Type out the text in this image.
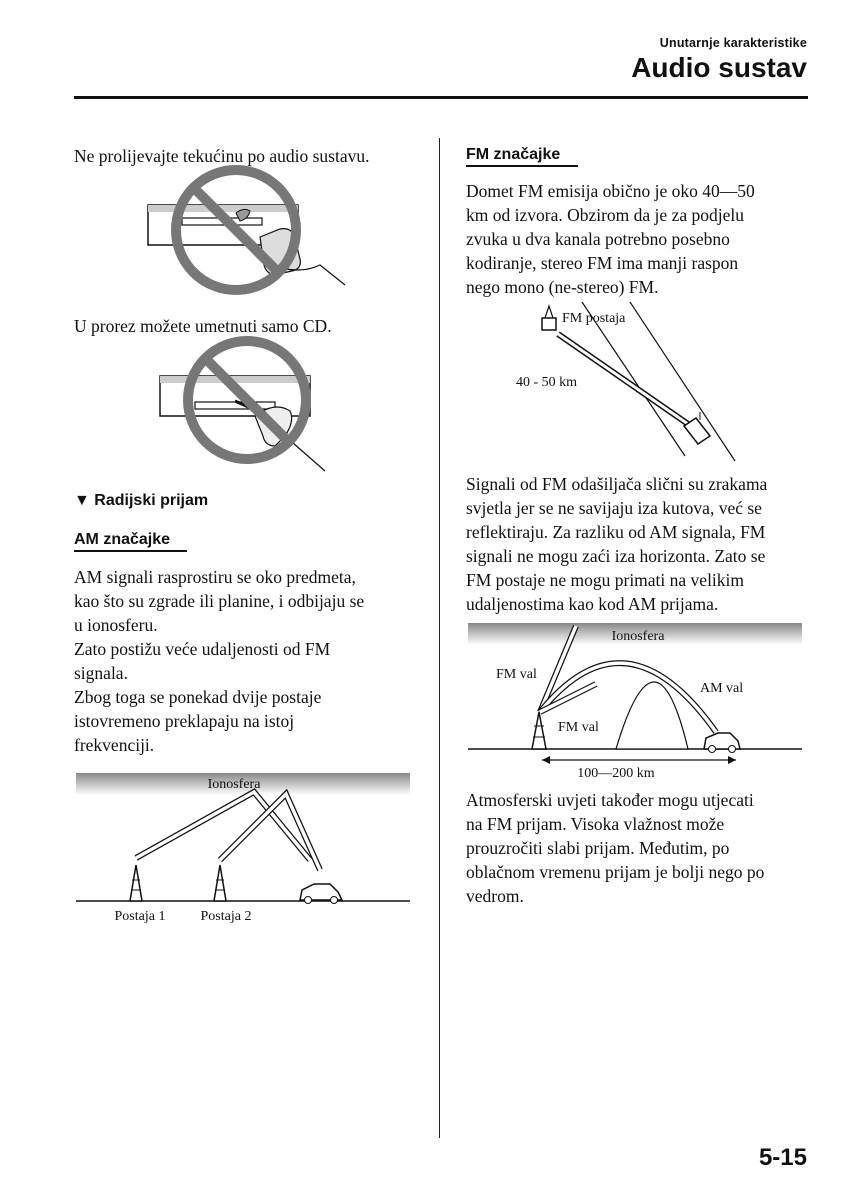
Unutarnje karakteristike
Audio sustav
Ne prolijevajte tekućinu po audio sustavu.
U prorez možete umetnuti samo CD.
▼ Radijski prijam
AM značajke
AM signali rasprostiru se oko predmeta,
kao što su zgrade ili planine, i odbijaju se
u ionosferu.
Zato postižu veće udaljenosti od FM
signala.
Zbog toga se ponekad dvije postaje
istovremeno preklapaju na istoj
frekvenciji.
Ionosfera
Postaja 1	Postaja 2
FM značajke
Domet FM emisija obično je oko 40―50
km od izvora. Obzirom da je za podjelu
zvuka u dva kanala potrebno posebno
kodiranje, stereo FM ima manji raspon
nego mono (ne-stereo) FM.
FM postaja
40 - 50 km
Signali od FM odašiljača slični su zrakama
svjetla jer se ne savijaju iza kutova, već se
reflektiraju. Za razliku od AM signala, FM
signali ne mogu zaći iza horizonta. Zato se
FM postaje ne mogu primati na velikim
udaljenostima kao kod AM prijama.
Ionosfera
FM val
FM val
AM val
100―200 km
Atmosferski uvjeti također mogu utjecati
na FM prijam. Visoka vlažnost može
prouzročiti slabi prijam. Međutim, po
oblačnom vremenu prijam je bolji nego po
vedrom.
5-15
